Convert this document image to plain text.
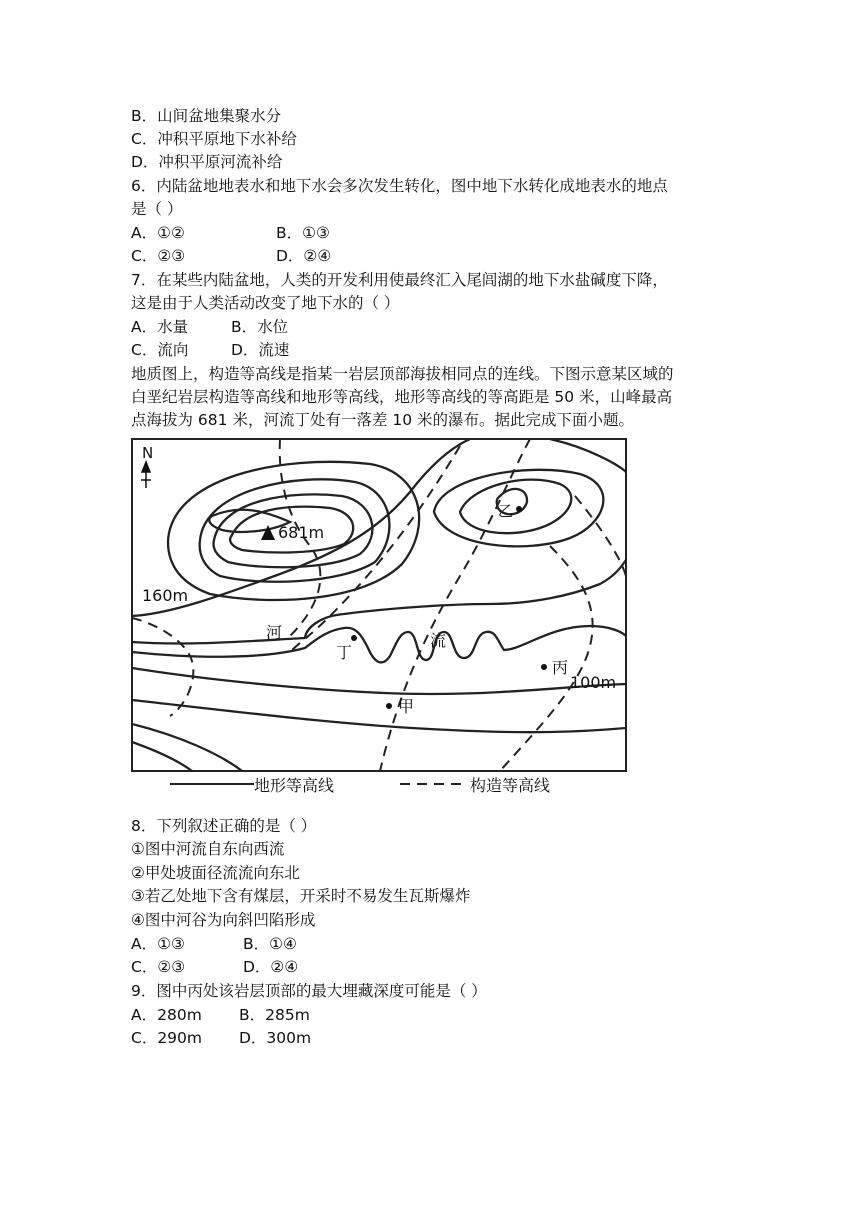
B．山间盆地集聚水分
C．冲积平原地下水补给
D．冲积平原河流补给
6．内陆盆地地表水和地下水会多次发生转化，图中地下水转化成地表水的地点
是（ ）
A．①②	B．①③
C．②③	D．②④
7．在某些内陆盆地，人类的开发利用使最终汇入尾闾湖的地下水盐碱度下降，
这是由于人类活动改变了地下水的（ ）
A．水量	B．水位
C．流向	D．流速
地质图上，构造等高线是指某一岩层顶部海拔相同点的连线。下图示意某区域的
白垩纪岩层构造等高线和地形等高线，地形等高线的等高距是 50 米，山峰最高
点海拔为 681 米，河流丁处有一落差 10 米的瀑布。据此完成下面小题。
N
681m
乙
160m
河	流
丁
丙
100m
甲
地形等高线	构造等高线
8．下列叙述正确的是（ ）
①图中河流自东向西流
②甲处坡面径流流向东北
③若乙处地下含有煤层，开采时不易发生瓦斯爆炸
④图中河谷为向斜凹陷形成
A．①③	B．①④
C．②③	D．②④
9．图中丙处该岩层顶部的最大埋藏深度可能是（ ）
A．280m B．285m
C．290m D．300m
